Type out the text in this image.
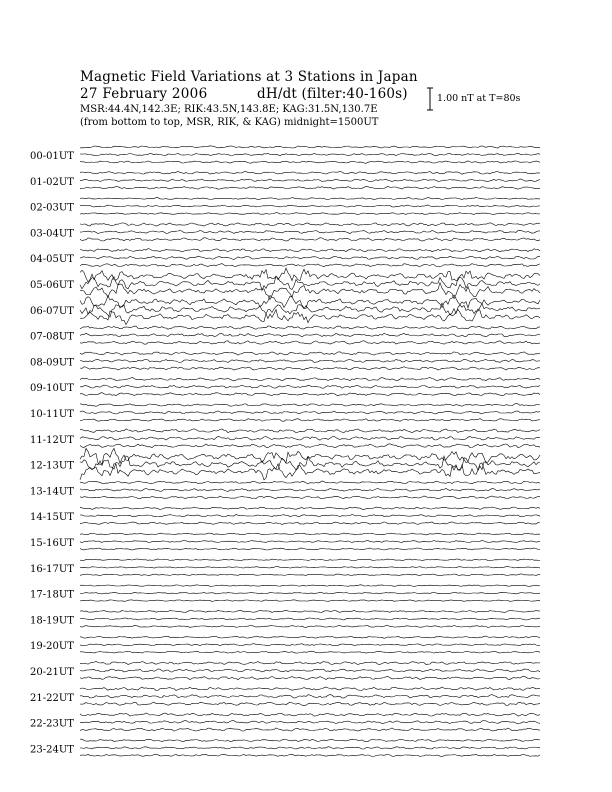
Magnetic Field Variations at 3 Stations in Japan
27 February 2006	dH/dt (filter:40-160s)
MSR:44.4N,142.3E; RIK:43.5N,143.8E; KAG:31.5N,130.7E
(from bottom to top, MSR, RIK, & KAG) midnight=1500UT
1.00 nT at T=80s
00-01UT
01-02UT
02-03UT
03-04UT
04-05UT
05-06UT
06-07UT
07-08UT
08-09UT
09-10UT
10-11UT
11-12UT
12-13UT
13-14UT
14-15UT
15-16UT
16-17UT
17-18UT
18-19UT
19-20UT
20-21UT
21-22UT
22-23UT
23-24UT
